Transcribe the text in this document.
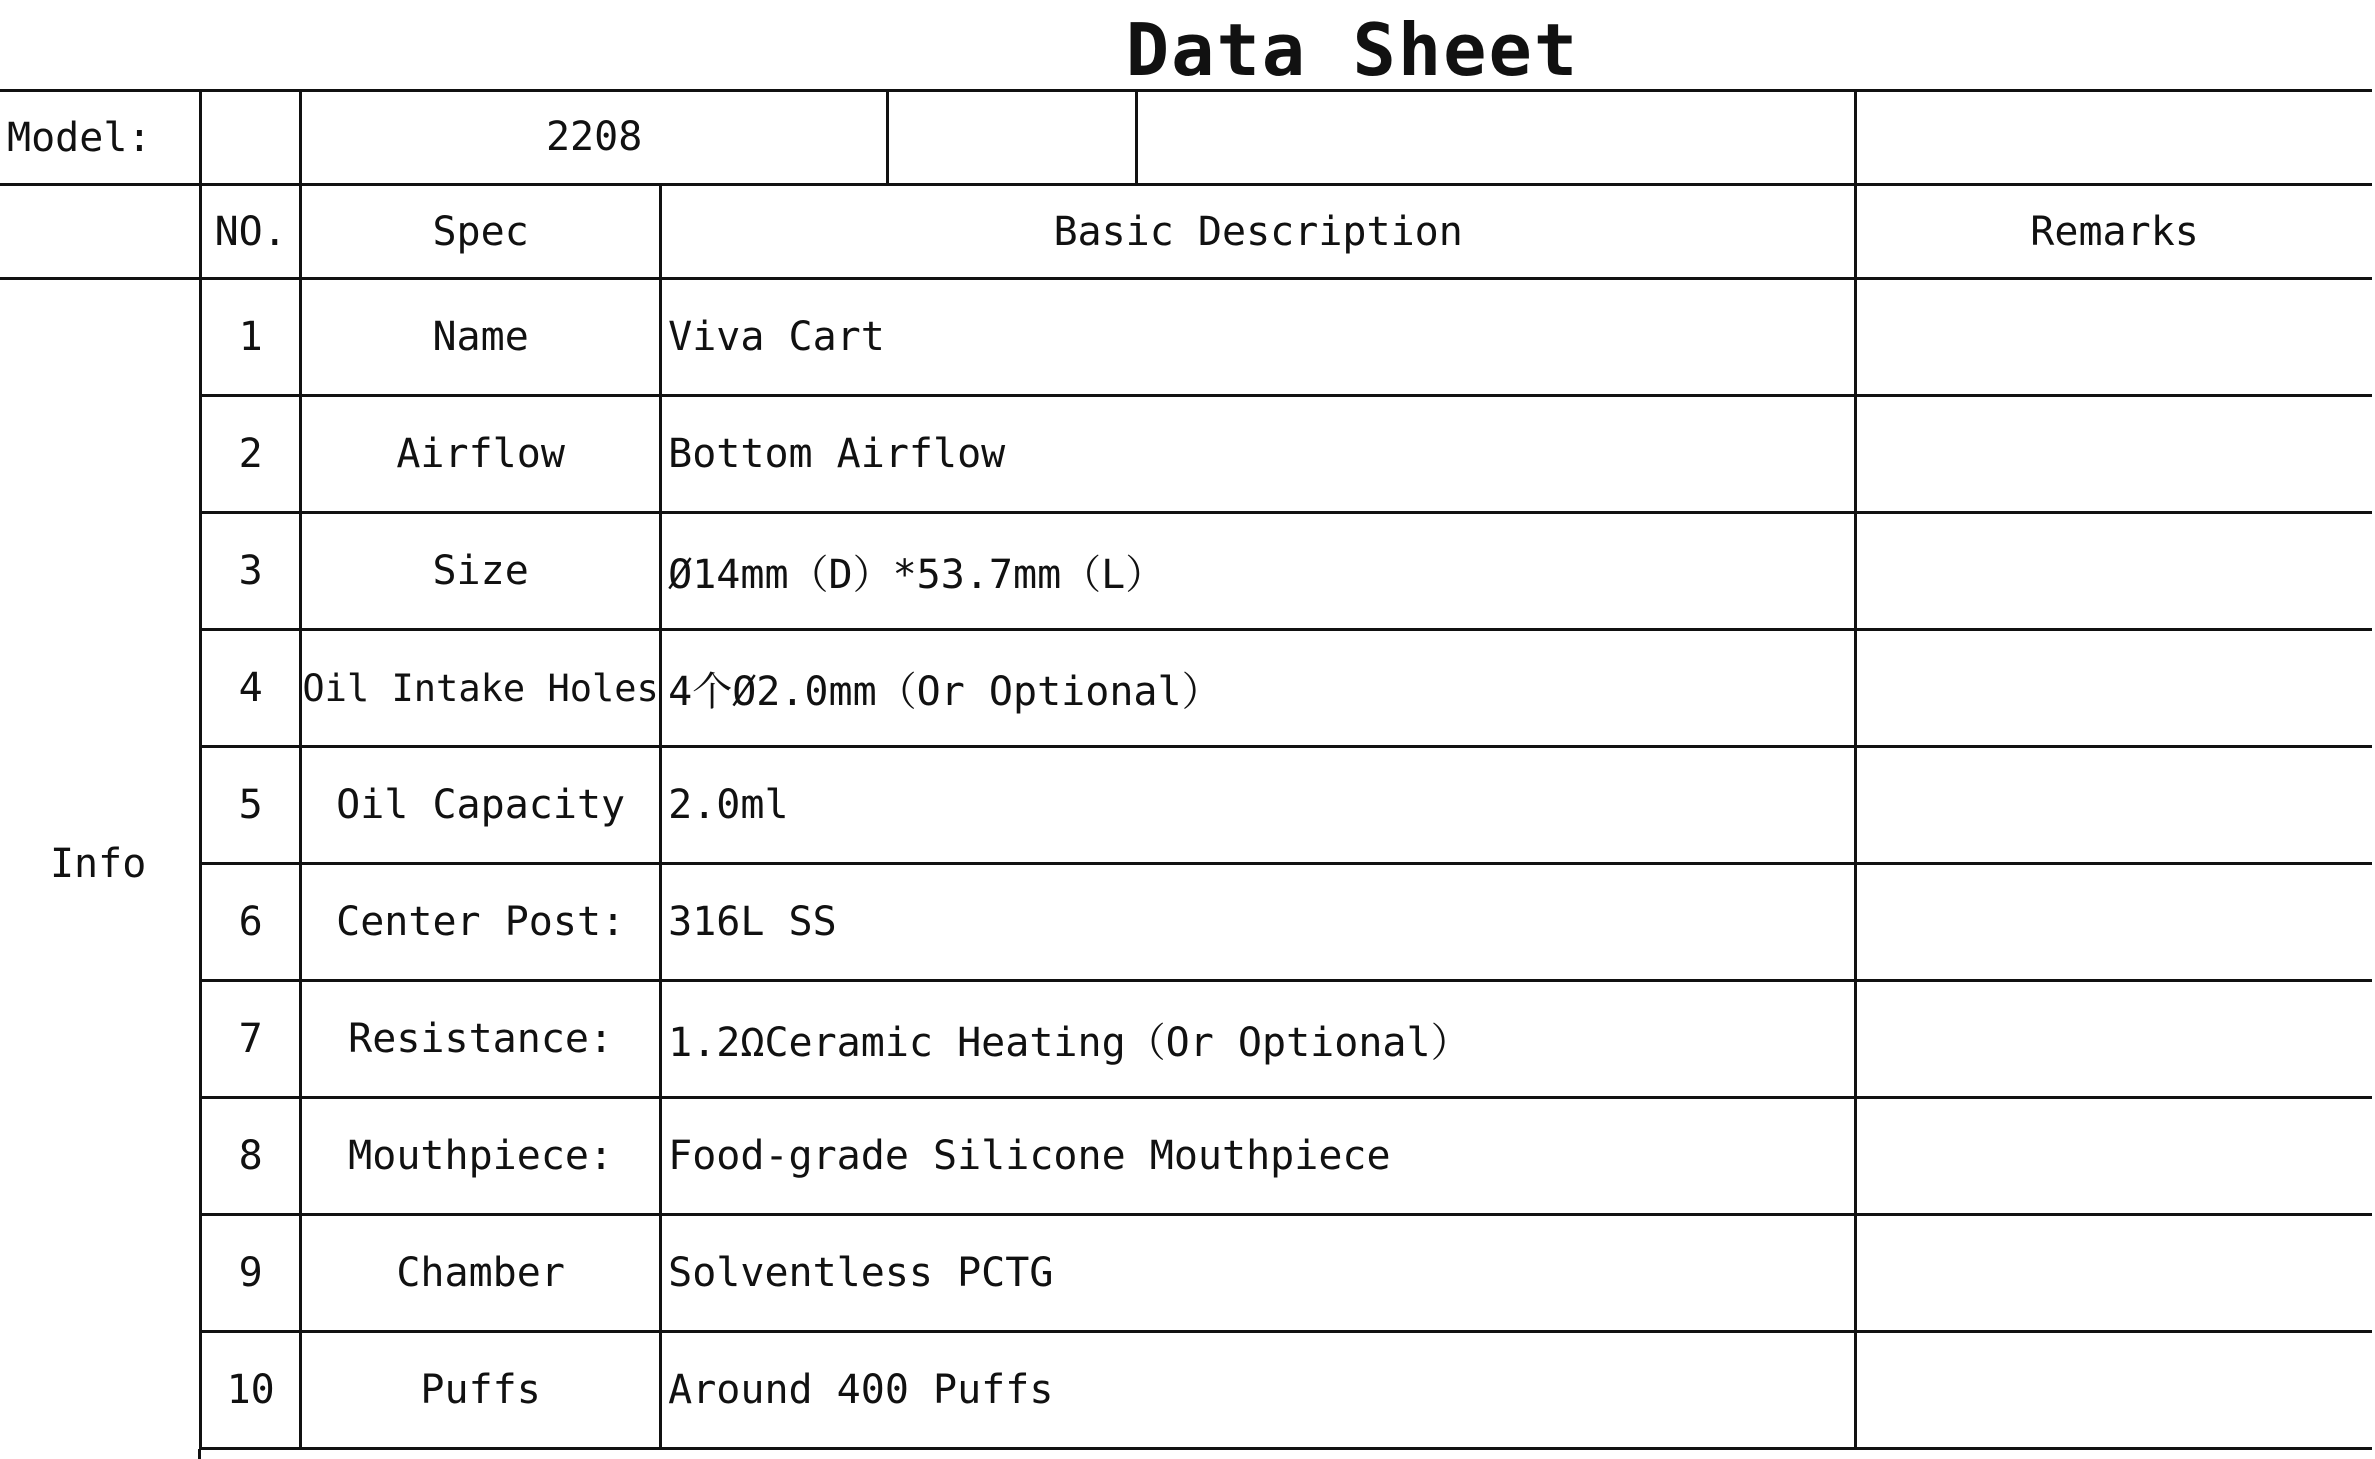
Data Sheet
Model:		2208		

	NO.	Spec	Basic Description	Remarks
Info	1	Name	Viva Cart	
	2	Airflow	Bottom Airflow	
	3	Size	Ø14mm（D）*53.7mm（L）	
	4	Oil Intake Holes	4个Ø2.0mm（Or Optional）	
	5	Oil Capacity	2.0ml	
	6	Center Post:	316L SS	
	7	Resistance:	1.2ΩCeramic Heating（Or Optional）	
	8	Mouthpiece:	Food-grade Silicone Mouthpiece	
	9	Chamber	Solventless PCTG	
	10	Puffs	Around 400 Puffs	
